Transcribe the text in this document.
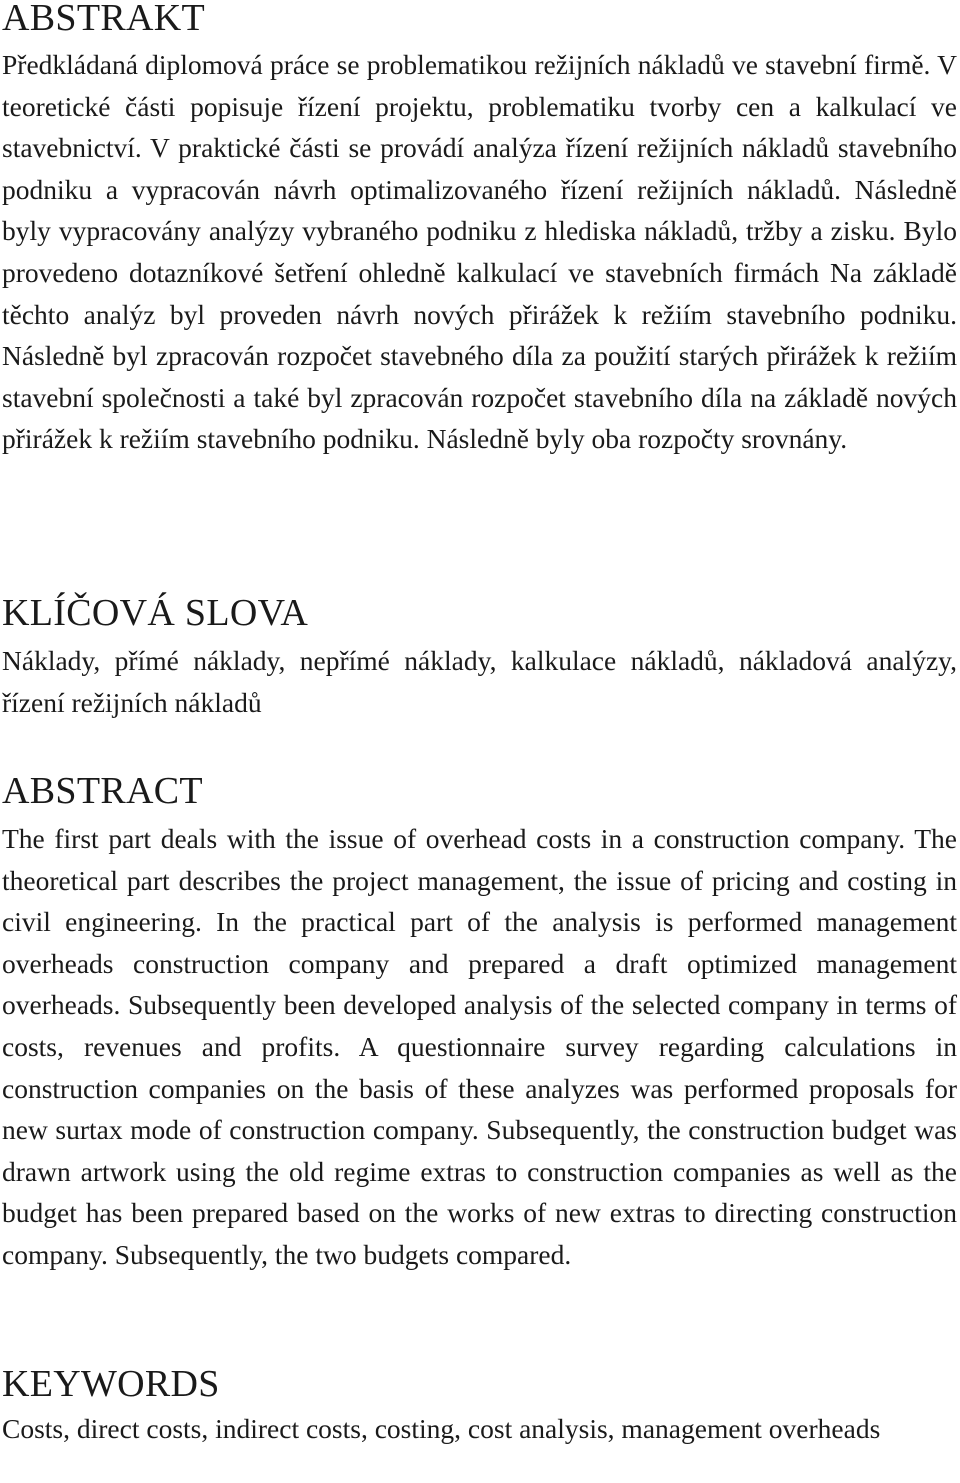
ABSTRAKT

Předkládaná diplomová práce se problematikou režijních nákladů ve stavební firmě. V teoretické části popisuje řízení projektu, problematiku tvorby cen a kalkulací ve stavebnictví. V praktické části se provádí analýza řízení režijních nákladů stavebního podniku a vypracován návrh optimalizovaného řízení režijních nákladů. Následně byly vypracovány analýzy vybraného podniku z hlediska nákladů, tržby a zisku. Bylo provedeno dotazníkové šetření ohledně kalkulací ve stavebních firmách Na základě těchto analýz byl proveden návrh nových přirážek k režiím stavebního podniku. Následně byl zpracován rozpočet stavebného díla za použití starých přirážek k režiím stavební společnosti a také byl zpracován rozpočet stavebního díla na základě nových přirážek k režiím stavebního podniku. Následně byly oba rozpočty srovnány.

KLÍČOVÁ SLOVA

Náklady, přímé náklady, nepřímé náklady, kalkulace nákladů, nákladová analýzy, řízení režijních nákladů

ABSTRACT

The first part deals with the issue of overhead costs in a construction company. The theoretical part describes the project management, the issue of pricing and costing in civil engineering. In the practical part of the analysis is performed management overheads construction company and prepared a draft optimized management overheads. Subsequently been developed analysis of the selected company in terms of costs, revenues and profits. A questionnaire survey regarding calculations in construction companies on the basis of these analyzes was performed proposals for new surtax mode of construction company. Subsequently, the construction budget was drawn artwork using the old regime extras to construction companies as well as the budget has been prepared based on the works of new extras to directing construction company. Subsequently, the two budgets compared.

KEYWORDS

Costs, direct costs, indirect costs, costing, cost analysis, management overheads
